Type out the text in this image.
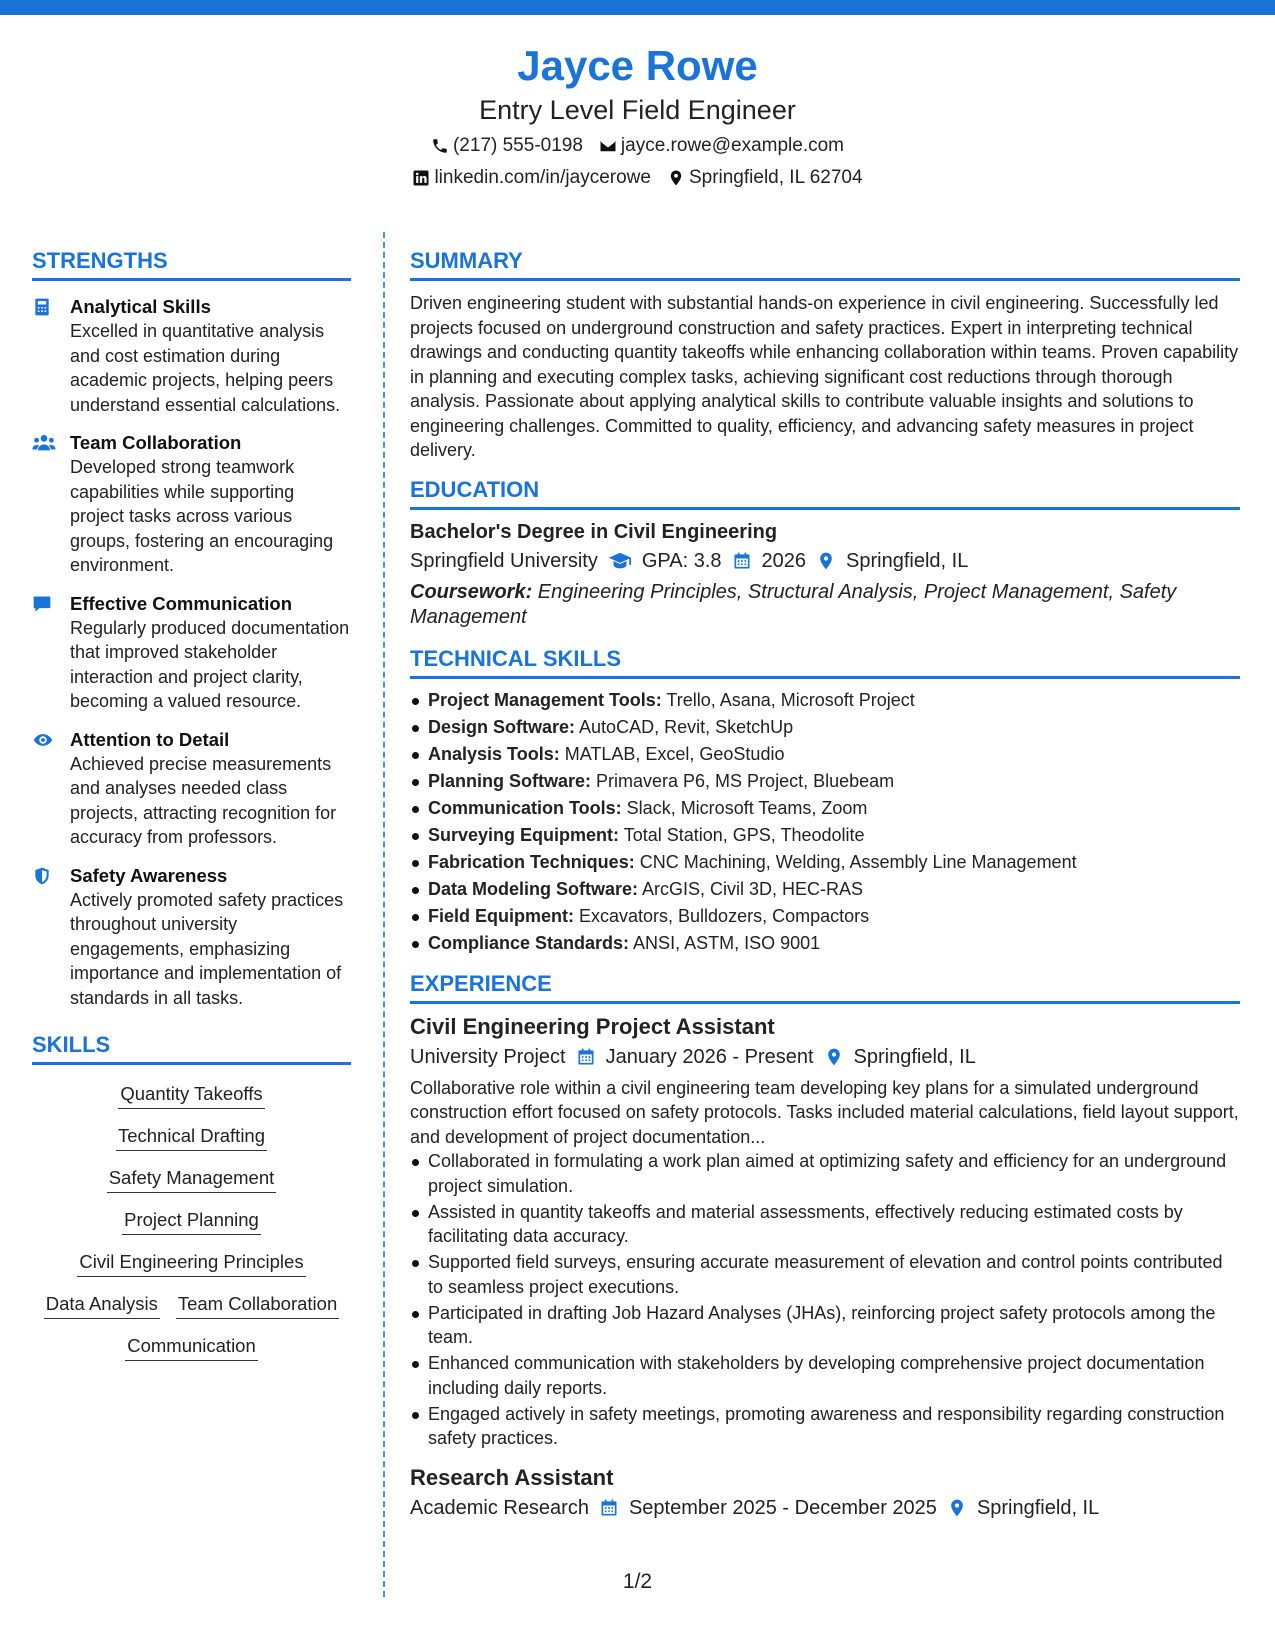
Jayce Rowe
Entry Level Field Engineer
(217) 555-0198 jayce.rowe@example.com
linkedin.com/in/jaycerowe Springfield, IL 62704
STRENGTHS
Analytical Skills
Excelled in quantitative analysis and cost estimation during academic projects, helping peers understand essential calculations.
Team Collaboration
Developed strong teamwork capabilities while supporting project tasks across various groups, fostering an encouraging environment.
Effective Communication
Regularly produced documentation that improved stakeholder interaction and project clarity, becoming a valued resource.
Attention to Detail
Achieved precise measurements and analyses needed class projects, attracting recognition for accuracy from professors.
Safety Awareness
Actively promoted safety practices throughout university engagements, emphasizing importance and implementation of standards in all tasks.
SKILLS
Quantity Takeoffs
Technical Drafting
Safety Management
Project Planning
Civil Engineering Principles
Data Analysis Team Collaboration
Communication
SUMMARY
Driven engineering student with substantial hands-on experience in civil engineering. Successfully led projects focused on underground construction and safety practices. Expert in interpreting technical drawings and conducting quantity takeoffs while enhancing collaboration within teams. Proven capability in planning and executing complex tasks, achieving significant cost reductions through thorough analysis. Passionate about applying analytical skills to contribute valuable insights and solutions to engineering challenges. Committed to quality, efficiency, and advancing safety measures in project delivery.
EDUCATION
Bachelor's Degree in Civil Engineering
Springfield University GPA: 3.8 2026 Springfield, IL
Coursework: Engineering Principles, Structural Analysis, Project Management, Safety Management
TECHNICAL SKILLS
Project Management Tools: Trello, Asana, Microsoft Project
Design Software: AutoCAD, Revit, SketchUp
Analysis Tools: MATLAB, Excel, GeoStudio
Planning Software: Primavera P6, MS Project, Bluebeam
Communication Tools: Slack, Microsoft Teams, Zoom
Surveying Equipment: Total Station, GPS, Theodolite
Fabrication Techniques: CNC Machining, Welding, Assembly Line Management
Data Modeling Software: ArcGIS, Civil 3D, HEC-RAS
Field Equipment: Excavators, Bulldozers, Compactors
Compliance Standards: ANSI, ASTM, ISO 9001
EXPERIENCE
Civil Engineering Project Assistant
University Project January 2026 - Present Springfield, IL
Collaborative role within a civil engineering team developing key plans for a simulated underground construction effort focused on safety protocols. Tasks included material calculations, field layout support, and development of project documentation...
Collaborated in formulating a work plan aimed at optimizing safety and efficiency for an underground project simulation.
Assisted in quantity takeoffs and material assessments, effectively reducing estimated costs by facilitating data accuracy.
Supported field surveys, ensuring accurate measurement of elevation and control points contributed to seamless project executions.
Participated in drafting Job Hazard Analyses (JHAs), reinforcing project safety protocols among the team.
Enhanced communication with stakeholders by developing comprehensive project documentation including daily reports.
Engaged actively in safety meetings, promoting awareness and responsibility regarding construction safety practices.
Research Assistant
Academic Research September 2025 - December 2025 Springfield, IL
1/2
